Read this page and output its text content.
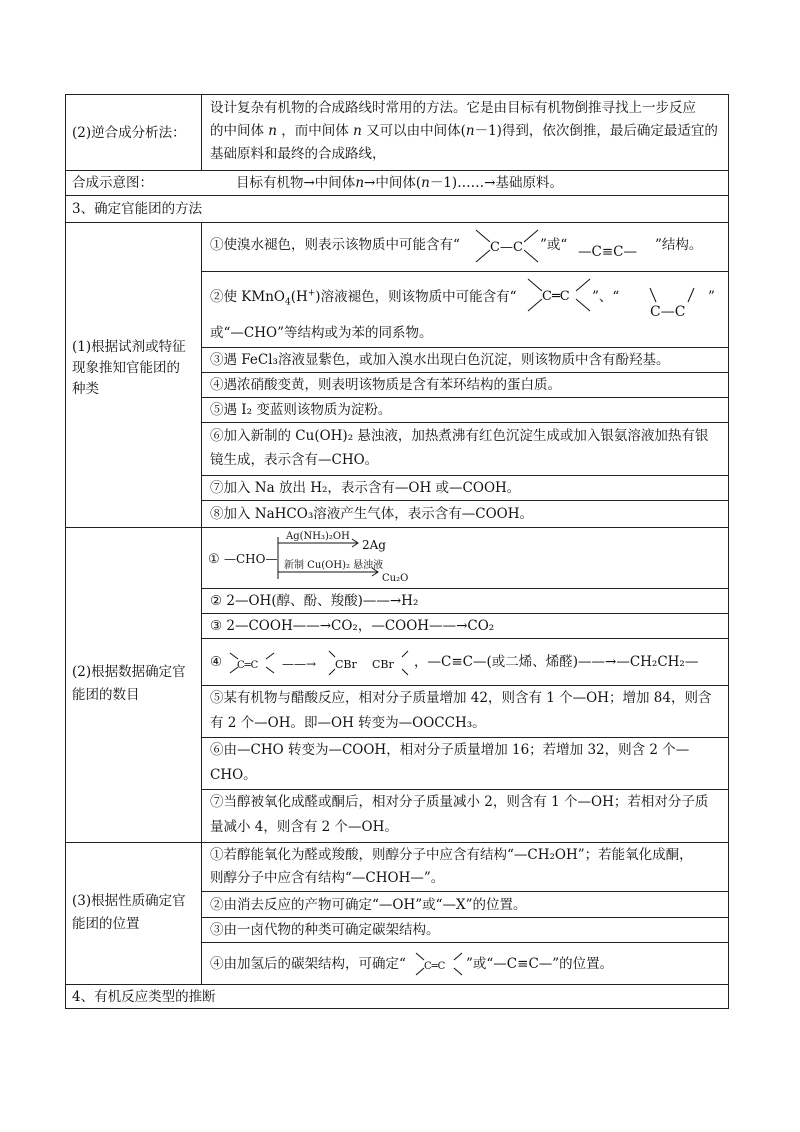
(2)逆合成分析法：
设计复杂有机物的合成路线时常用的方法。它是由目标有机物倒推寻找上一步反应
的中间体 n ，而中间体 n 又可以由中间体(n－1)得到，依次倒推，最后确定最适宜的
基础原料和最终的合成路线，
合成示意图：	目标有机物→中间体n→中间体(n－1)……→基础原料。
3、确定官能团的方法
(1)根据试剂或特征
现象推知官能团的
种类
①使溴水褪色，则表示该物质中可能含有“ C—C ”或“ —C≡C— ”结构。
②使 KMnO$_4$(H+)溶液褪色，则该物质中可能含有“ C═C ”、“
C—C
”
或“—CHO”等结构或为苯的同系物。
③遇 FeCl₃溶液显紫色，或加入溴水出现白色沉淀，则该物质中含有酚羟基。
④遇浓硝酸变黄，则表明该物质是含有苯环结构的蛋白质。
⑤遇 I₂ 变蓝则该物质为淀粉。
⑥加入新制的 Cu(OH)₂ 悬浊液，加热煮沸有红色沉淀生成或加入银氨溶液加热有银
镜生成，表示含有—CHO。
⑦加入 Na 放出 H₂，表示含有—OH 或—COOH。
⑧加入 NaHCO₃溶液产生气体，表示含有—COOH。
(2)根据数据确定官
能团的数目
① —CHO—
Ag(NH₃)₂OH
2Ag
新制 Cu(OH)₂ 悬浊液
Cu₂O
② 2—OH(醇、酚、羧酸)——→H₂
③ 2—COOH——→CO₂，—COOH——→CO₂
④ C═C ——→ CBr CBr ，—C≡C—(或二烯、烯醛)——→—CH₂CH₂—
⑤某有机物与醋酸反应，相对分子质量增加 42，则含有 1 个—OH；增加 84，则含
有 2 个—OH。即—OH 转变为—OOCCH₃。
⑥由—CHO 转变为—COOH，相对分子质量增加 16；若增加 32，则含 2 个—
CHO。
⑦当醇被氧化成醛或酮后，相对分子质量减小 2，则含有 1 个—OH；若相对分子质
量减小 4，则含有 2 个—OH。
(3)根据性质确定官
能团的位置
①若醇能氧化为醛或羧酸，则醇分子中应含有结构“—CH₂OH”；若能氧化成酮，
则醇分子中应含有结构“—CHOH—”。
②由消去反应的产物可确定“—OH”或“—X”的位置。
③由一卤代物的种类可确定碳架结构。
④由加氢后的碳架结构，可确定“ C═C ”或“—C≡C—”的位置。
4、有机反应类型的推断
